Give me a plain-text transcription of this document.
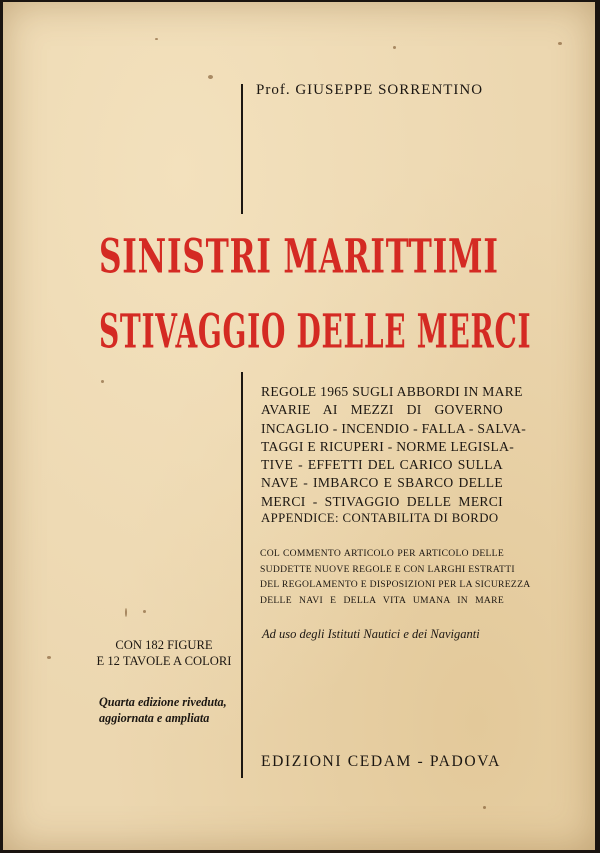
Prof. GIUSEPPE SORRENTINO
SINISTRI MARITTIMI
STIVAGGIO DELLE MERCI
REGOLE 1965 SUGLI ABBORDI IN MARE
AVARIE AI MEZZI DI GOVERNO
INCAGLIO - INCENDIO - FALLA - SALVA-
TAGGI E RICUPERI - NORME LEGISLA-
TIVE - EFFETTI DEL CARICO SULLA
NAVE - IMBARCO E SBARCO DELLE
MERCI - STIVAGGIO DELLE MERCI
APPENDICE: CONTABILITA DI BORDO
COL COMMENTO ARTICOLO PER ARTICOLO DELLE
SUDDETTE NUOVE REGOLE E CON LARGHI ESTRATTI
DEL REGOLAMENTO E DISPOSIZIONI PER LA SICUREZZA
DELLE NAVI E DELLA VITA UMANA IN MARE
Ad uso degli Istituti Nautici e dei Naviganti
CON 182 FIGURE
E 12 TAVOLE A COLORI
Quarta edizione riveduta,
aggiornata e ampliata
EDIZIONI CEDAM - PADOVA
